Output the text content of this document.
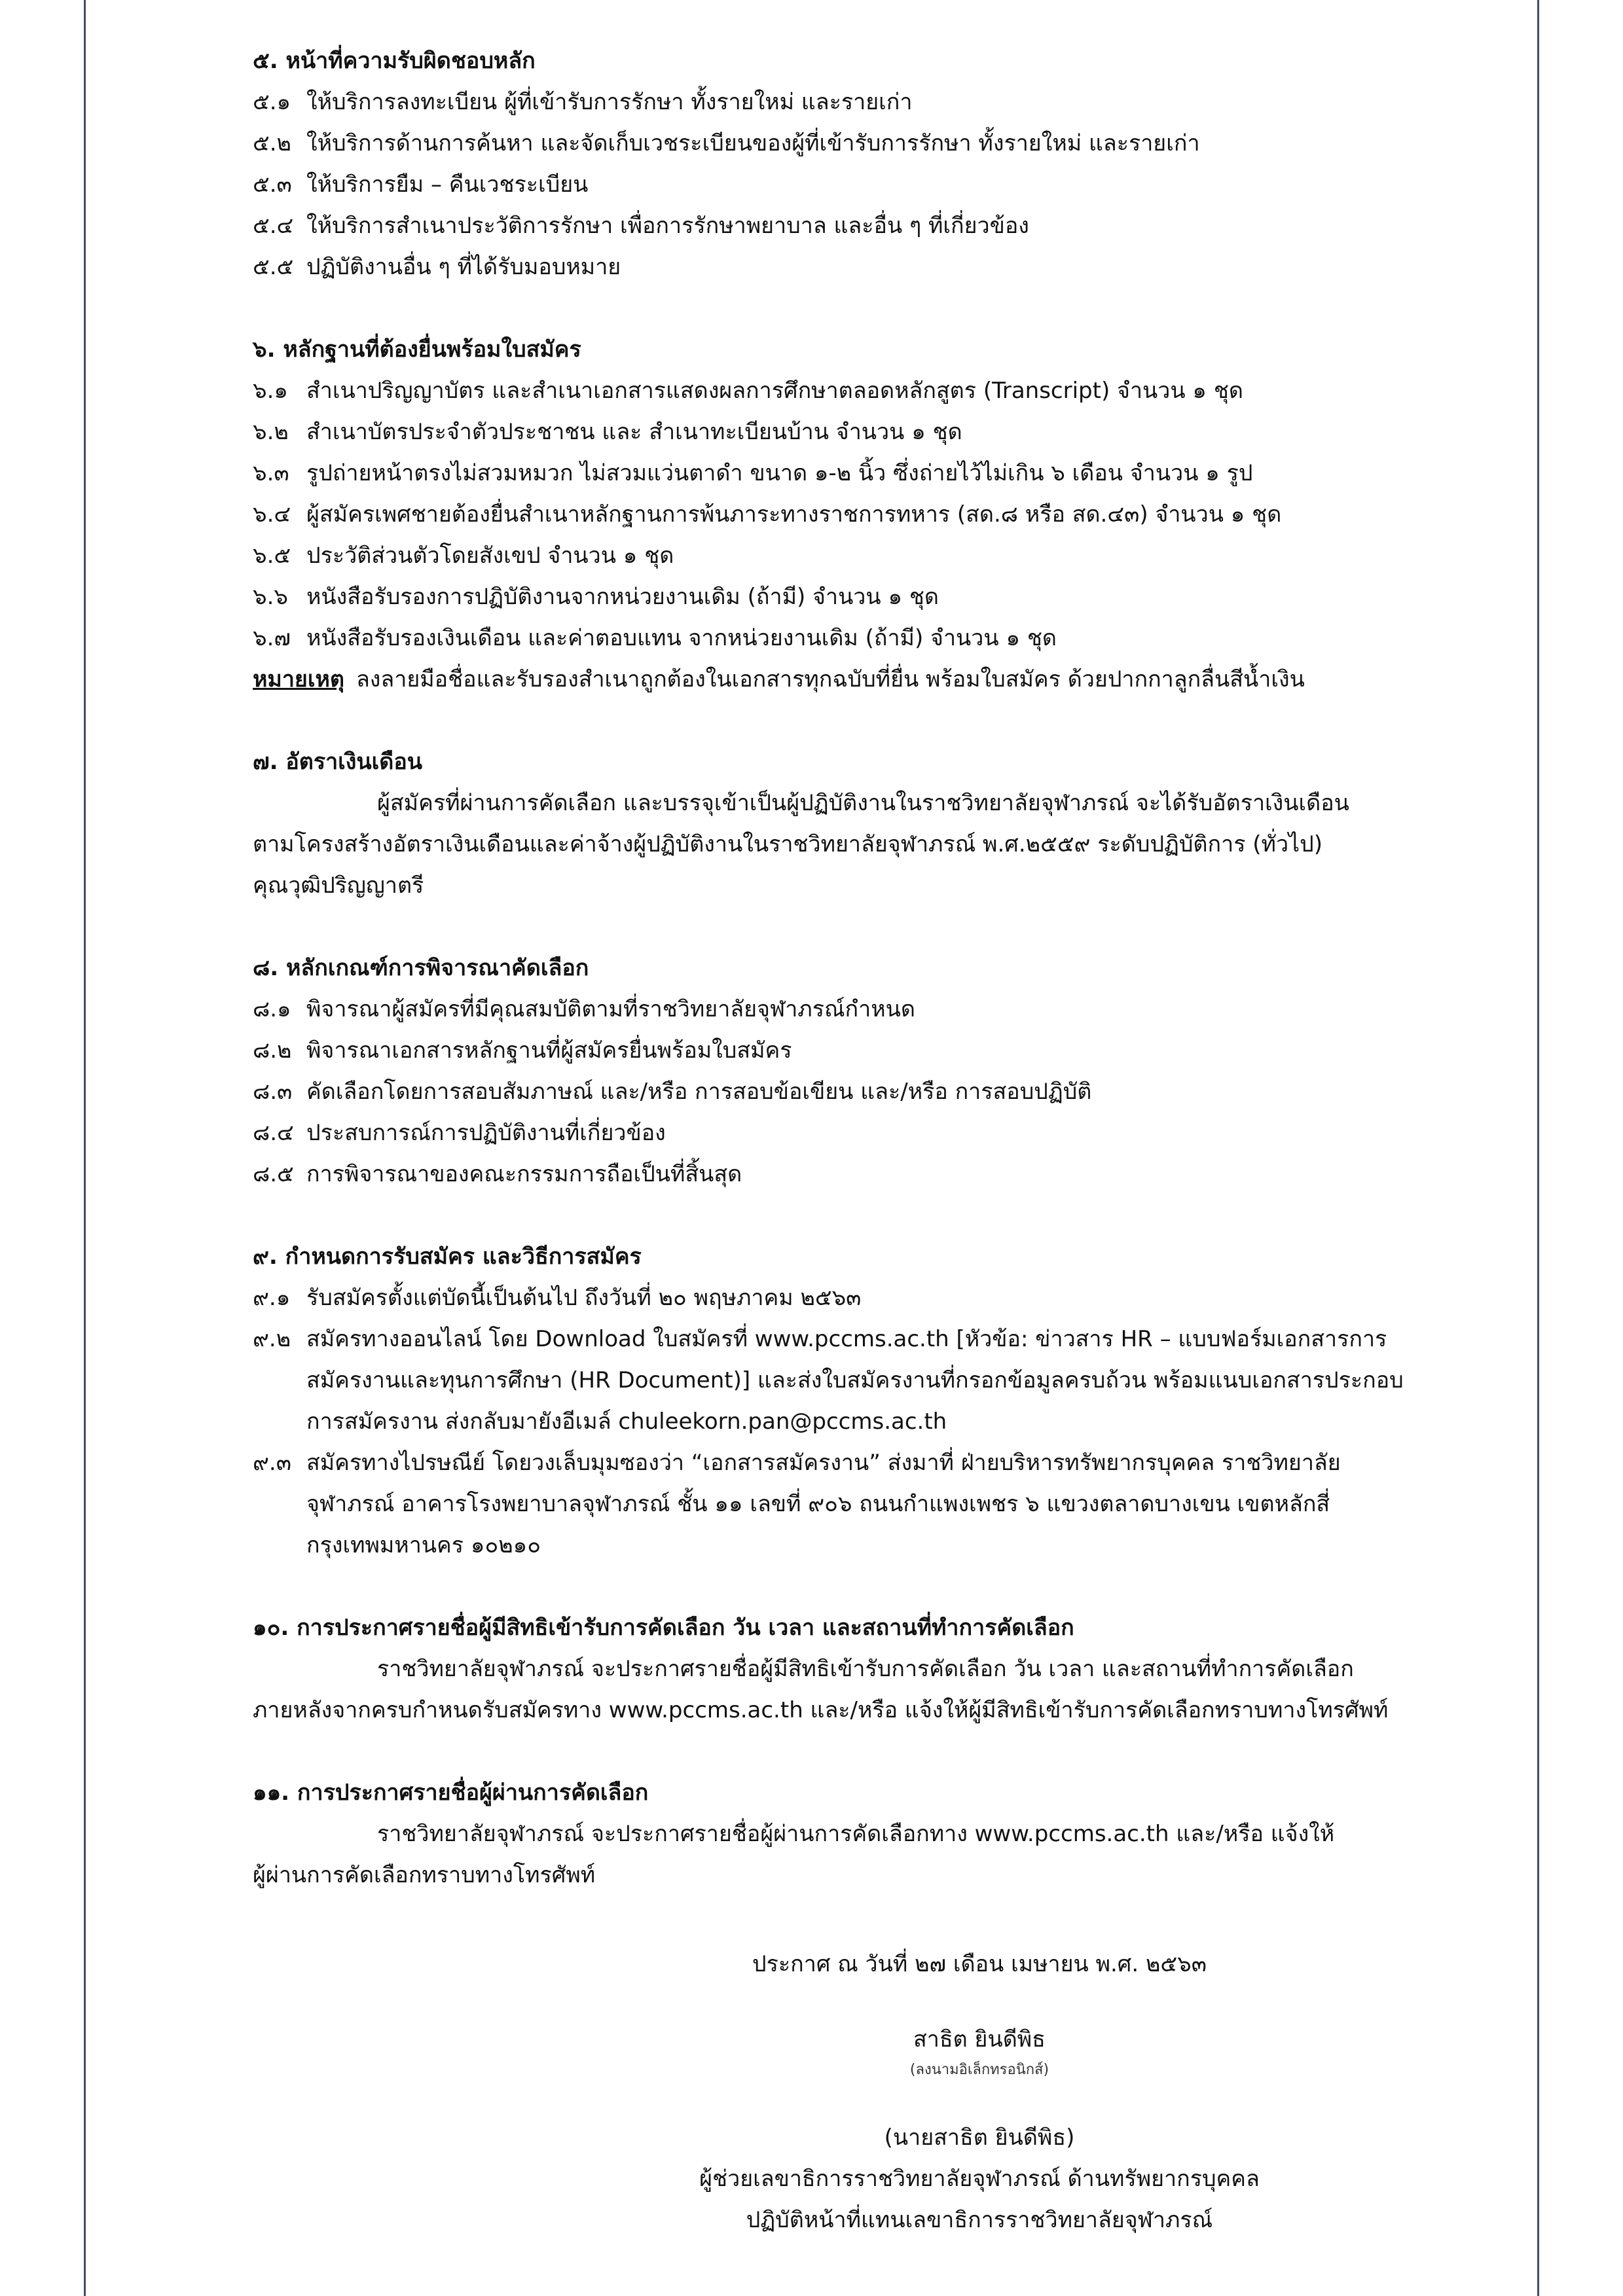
๕. หน้าที่ความรับผิดชอบหลัก
๕.๑ ให้บริการลงทะเบียน ผู้ที่เข้ารับการรักษา ทั้งรายใหม่ และรายเก่า
๕.๒ ให้บริการด้านการค้นหา และจัดเก็บเวชระเบียนของผู้ที่เข้ารับการรักษา ทั้งรายใหม่ และรายเก่า
๕.๓ ให้บริการยืม – คืนเวชระเบียน
๕.๔ ให้บริการสำเนาประวัติการรักษา เพื่อการรักษาพยาบาล และอื่น ๆ ที่เกี่ยวข้อง
๕.๕ ปฏิบัติงานอื่น ๆ ที่ได้รับมอบหมาย
๖. หลักฐานที่ต้องยื่นพร้อมใบสมัคร
๖.๑ สำเนาปริญญาบัตร และสำเนาเอกสารแสดงผลการศึกษาตลอดหลักสูตร (Transcript) จำนวน ๑ ชุด
๖.๒ สำเนาบัตรประจำตัวประชาชน และ สำเนาทะเบียนบ้าน จำนวน ๑ ชุด
๖.๓ รูปถ่ายหน้าตรงไม่สวมหมวก ไม่สวมแว่นตาดำ ขนาด ๑-๒ นิ้ว ซึ่งถ่ายไว้ไม่เกิน ๖ เดือน จำนวน ๑ รูป
๖.๔ ผู้สมัครเพศชายต้องยื่นสำเนาหลักฐานการพ้นภาระทางราชการทหาร (สด.๘ หรือ สด.๔๓) จำนวน ๑ ชุด
๖.๕ ประวัติส่วนตัวโดยสังเขป จำนวน ๑ ชุด
๖.๖ หนังสือรับรองการปฏิบัติงานจากหน่วยงานเดิม (ถ้ามี) จำนวน ๑ ชุด
๖.๗ หนังสือรับรองเงินเดือน และค่าตอบแทน จากหน่วยงานเดิม (ถ้ามี) จำนวน ๑ ชุด
หมายเหตุ ลงลายมือชื่อและรับรองสำเนาถูกต้องในเอกสารทุกฉบับที่ยื่น พร้อมใบสมัคร ด้วยปากกาลูกลื่นสีน้ำเงิน
๗. อัตราเงินเดือน
ผู้สมัครที่ผ่านการคัดเลือก และบรรจุเข้าเป็นผู้ปฏิบัติงานในราชวิทยาลัยจุฬาภรณ์ จะได้รับอัตราเงินเดือน
ตามโครงสร้างอัตราเงินเดือนและค่าจ้างผู้ปฏิบัติงานในราชวิทยาลัยจุฬาภรณ์ พ.ศ.๒๕๕๙ ระดับปฏิบัติการ (ทั่วไป)
คุณวุฒิปริญญาตรี
๘. หลักเกณฑ์การพิจารณาคัดเลือก
๘.๑ พิจารณาผู้สมัครที่มีคุณสมบัติตามที่ราชวิทยาลัยจุฬาภรณ์กำหนด
๘.๒ พิจารณาเอกสารหลักฐานที่ผู้สมัครยื่นพร้อมใบสมัคร
๘.๓ คัดเลือกโดยการสอบสัมภาษณ์ และ/หรือ การสอบข้อเขียน และ/หรือ การสอบปฏิบัติ
๘.๔ ประสบการณ์การปฏิบัติงานที่เกี่ยวข้อง
๘.๕ การพิจารณาของคณะกรรมการถือเป็นที่สิ้นสุด
๙. กำหนดการรับสมัคร และวิธีการสมัคร
๙.๑ รับสมัครตั้งแต่บัดนี้เป็นต้นไป ถึงวันที่ ๒๐ พฤษภาคม ๒๕๖๓
๙.๒ สมัครทางออนไลน์ โดย Download ใบสมัครที่ www.pccms.ac.th [หัวข้อ: ข่าวสาร HR – แบบฟอร์มเอกสารการ
สมัครงานและทุนการศึกษา (HR Document)] และส่งใบสมัครงานที่กรอกข้อมูลครบถ้วน พร้อมแนบเอกสารประกอบ
การสมัครงาน ส่งกลับมายังอีเมล์ chuleekorn.pan@pccms.ac.th
๙.๓ สมัครทางไปรษณีย์ โดยวงเล็บมุมซองว่า “เอกสารสมัครงาน” ส่งมาที่ ฝ่ายบริหารทรัพยากรบุคคล ราชวิทยาลัย
จุฬาภรณ์ อาคารโรงพยาบาลจุฬาภรณ์ ชั้น ๑๑ เลขที่ ๙๐๖ ถนนกำแพงเพชร ๖ แขวงตลาดบางเขน เขตหลักสี่
กรุงเทพมหานคร ๑๐๒๑๐
๑๐. การประกาศรายชื่อผู้มีสิทธิเข้ารับการคัดเลือก วัน เวลา และสถานที่ทำการคัดเลือก
ราชวิทยาลัยจุฬาภรณ์ จะประกาศรายชื่อผู้มีสิทธิเข้ารับการคัดเลือก วัน เวลา และสถานที่ทำการคัดเลือก
ภายหลังจากครบกำหนดรับสมัครทาง www.pccms.ac.th และ/หรือ แจ้งให้ผู้มีสิทธิเข้ารับการคัดเลือกทราบทางโทรศัพท์
๑๑. การประกาศรายชื่อผู้ผ่านการคัดเลือก
ราชวิทยาลัยจุฬาภรณ์ จะประกาศรายชื่อผู้ผ่านการคัดเลือกทาง www.pccms.ac.th และ/หรือ แจ้งให้
ผู้ผ่านการคัดเลือกทราบทางโทรศัพท์
ประกาศ ณ วันที่ ๒๗ เดือน เมษายน พ.ศ. ๒๕๖๓
สาธิต ยินดีพิธ
(ลงนามอิเล็กทรอนิกส์)
(นายสาธิต ยินดีพิธ)
ผู้ช่วยเลขาธิการราชวิทยาลัยจุฬาภรณ์ ด้านทรัพยากรบุคคล
ปฏิบัติหน้าที่แทนเลขาธิการราชวิทยาลัยจุฬาภรณ์
